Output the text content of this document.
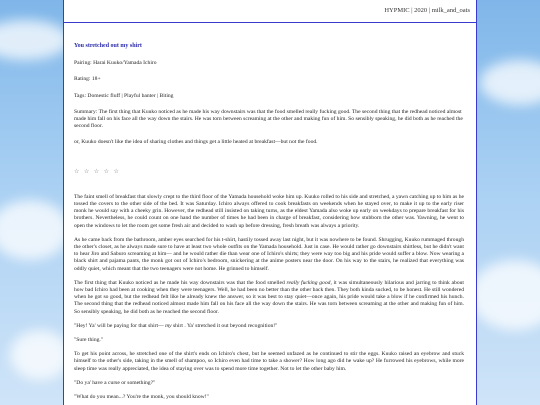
HYPMIC | 2020 | milk_and_oats
You stretched out my shirt

Pairing: Harai Kuuko/Yamada Ichiro

Rating: 18+

Tags: Domestic fluff | Playful banter | Biting

Summary: The first thing that Kuuko noticed as he made his way downstairs was that the food smelled really fucking good. The second thing that the redhead noticed almost made him fall on his face all the way down the stairs. He was torn between screaming at the other and making fun of him. So sensibly speaking, he did both as he reached the second floor.

or, Kuuko doesn't like the idea of sharing clothes and things get a little heated at breakfast—but not the food.

☆ ☆ ☆ ☆ ☆

The faint smell of breakfast that slowly crept to the third floor of the Yamada household woke him up. Kuuko rolled to his side and stretched, a yawn catching up to him as he tossed the covers to the other side of the bed. It was Saturday. Ichiro always offered to cook breakfasts on weekends when he stayed over, to make it up to the early riser monk he would say with a cheeky grin. However, the redhead still insisted on taking turns, as the eldest Yamada also woke up early on weekdays to prepare breakfast for his brothers. Nevertheless, he could count on one hand the number of times he had been in charge of breakfast, considering how stubborn the other was. Yawning, he went to open the windows to let the room get some fresh air and decided to wash up before dressing, fresh breath was always a priority.

As he came back from the bathroom, amber eyes searched for his t-shirt, hastily tossed away last night, but it was nowhere to be found. Shrugging, Kuuko rummaged through the other's closet, as he always made sure to have at least two whole outfits on the Yamada household. Just in case. He would rather go downstairs shirtless, but he didn't want to hear Jiro and Saburo screaming at him— and he would rather die than wear one of Ichiro's shirts; they were way too big and his pride would suffer a blow. Now wearing a black shirt and pajama pants, the monk got out of Ichiro's bedroom, snickering at the anime posters near the door. On his way to the stairs, he realized that everything was oddly quiet, which meant that the two teenagers were not home. He grinned to himself.

The first thing that Kuuko noticed as he made his way downstairs was that the food smelled really fucking good, it was simultaneously hilarious and jarring to think about how bad Ichiro had been at cooking when they were teenagers. Well, he had been no better than the other back then. They both kinda sucked, to be honest. He still wondered when he got so good, but the redhead felt like he already knew the answer, so it was best to stay quiet—once again, his pride would take a blow if he confirmed his hunch. The second thing that the redhead noticed almost made him fall on his face all the way down the stairs. He was torn between screaming at the other and making fun of him. So sensibly speaking, he did both as he reached the second floor.

"Hey! Ya' will be paying for that shirt— my shirt . Ya' stretched it out beyond recognition!"

"Sure thing."

To get his point across, he stretched one of the shirt's ends on Ichiro's chest, but he seemed unfazed as he continued to stir the eggs. Kuuko raised an eyebrow and stuck himself to the other's side, taking in the smell of shampoo, so Ichiro even had time to take a shower? How long ago did he wake up? He furrowed his eyebrows, while more sleep time was really appreciated, the idea of staying over was to spend more time together. Not to let the other baby him.

"Do ya' have a curse or something?"

"What do you mean...? You're the monk, you should know!"
